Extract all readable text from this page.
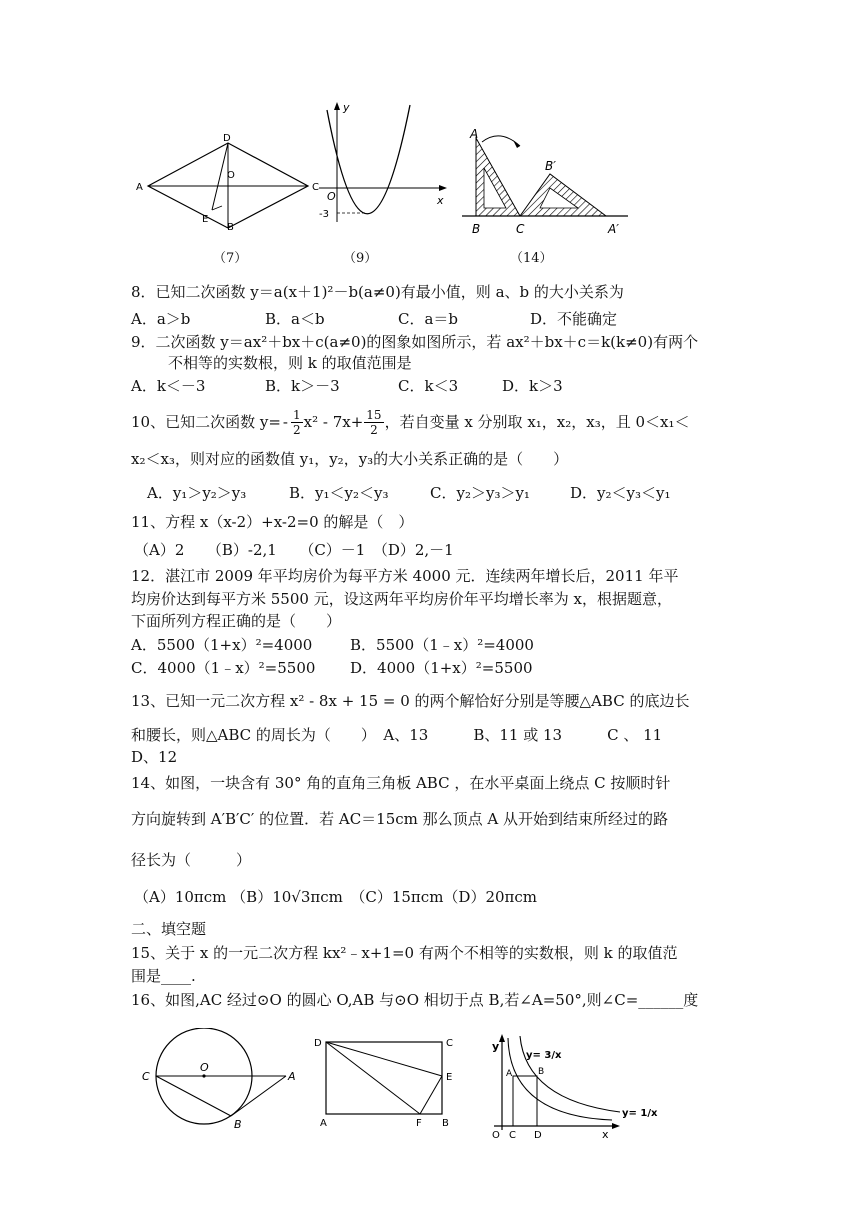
A	C
D
O
E
B
（7）
y
x
O
-3
（9）
A
B′
B	C	A′
（14）
8．已知二次函数 y＝a(x＋1)²－b(a≠0)有最小值，则 a、b 的大小关系为
A．a＞b	B．a＜b	C．a＝b	D．不能确定
9．二次函数 y＝ax²＋bx＋c(a≠0)的图象如图所示，若 ax²＋bx＋c＝k(k≠0)有两个
不相等的实数根，则 k 的取值范围是
A．k＜－3	B．k＞－3	C．k＜3	D．k＞3
10、已知二次函数 $y= - \frac{1}{2} x^2 - 7x+ \frac{15}{2}$ ，若自变量 x 分别取 x₁，x₂，x₃，且 0＜x₁＜
x₂＜x₃，则对应的函数值 y₁，y₂，y₃的大小关系正确的是（　　）
A．y₁＞y₂＞y₃	B．y₁＜y₂＜y₃	C．y₂＞y₃＞y₁	D．y₂＜y₃＜y₁
11、方程 x（x-2）+x-2=0 的解是（　）
（A）2　　（B）-2,1　　（C）－1　（D）2,－1
12．湛江市 2009 年平均房价为每平方米 4000 元．连续两年增长后，2011 年平
均房价达到每平方米 5500 元，设这两年平均房价年平均增长率为 x，根据题意，
下面所列方程正确的是（　　）
A．5500（1+x）²=4000	B．5500（1﹣x）²=4000
C．4000（1﹣x）²=5500 D．4000（1+x）²=5500
13、已知一元二次方程 x² - 8x + 15 = 0 的两个解恰好分别是等腰△ABC 的底边长
和腰长，则△ABC 的周长为（　　）　A、13　　　B、11 或 13　　　C 、 11
D、12
14、如图，一块含有 30° 角的直角三角板 ABC ，在水平桌面上绕点 C 按顺时针
方向旋转到 A′B′C′ 的位置．若 AC＝15cm 那么顶点 A 从开始到结束所经过的路
径长为（　　　）
（A）10πcm （B）10√3πcm　（C）15πcm（D）20πcm
二、填空题
15、关于 x 的一元二次方程 kx²﹣x+1=0 有两个不相等的实数根，则 k 的取值范
围是____.
16、如图,AC 经过⊙O 的圆心 O,AB 与⊙O 相切于点 B,若∠A=50°,则∠C=______度
C
O
A
B
D	C
E
A	F B
y
x
O C D
A	B
y= 3/x
y= 1/x
